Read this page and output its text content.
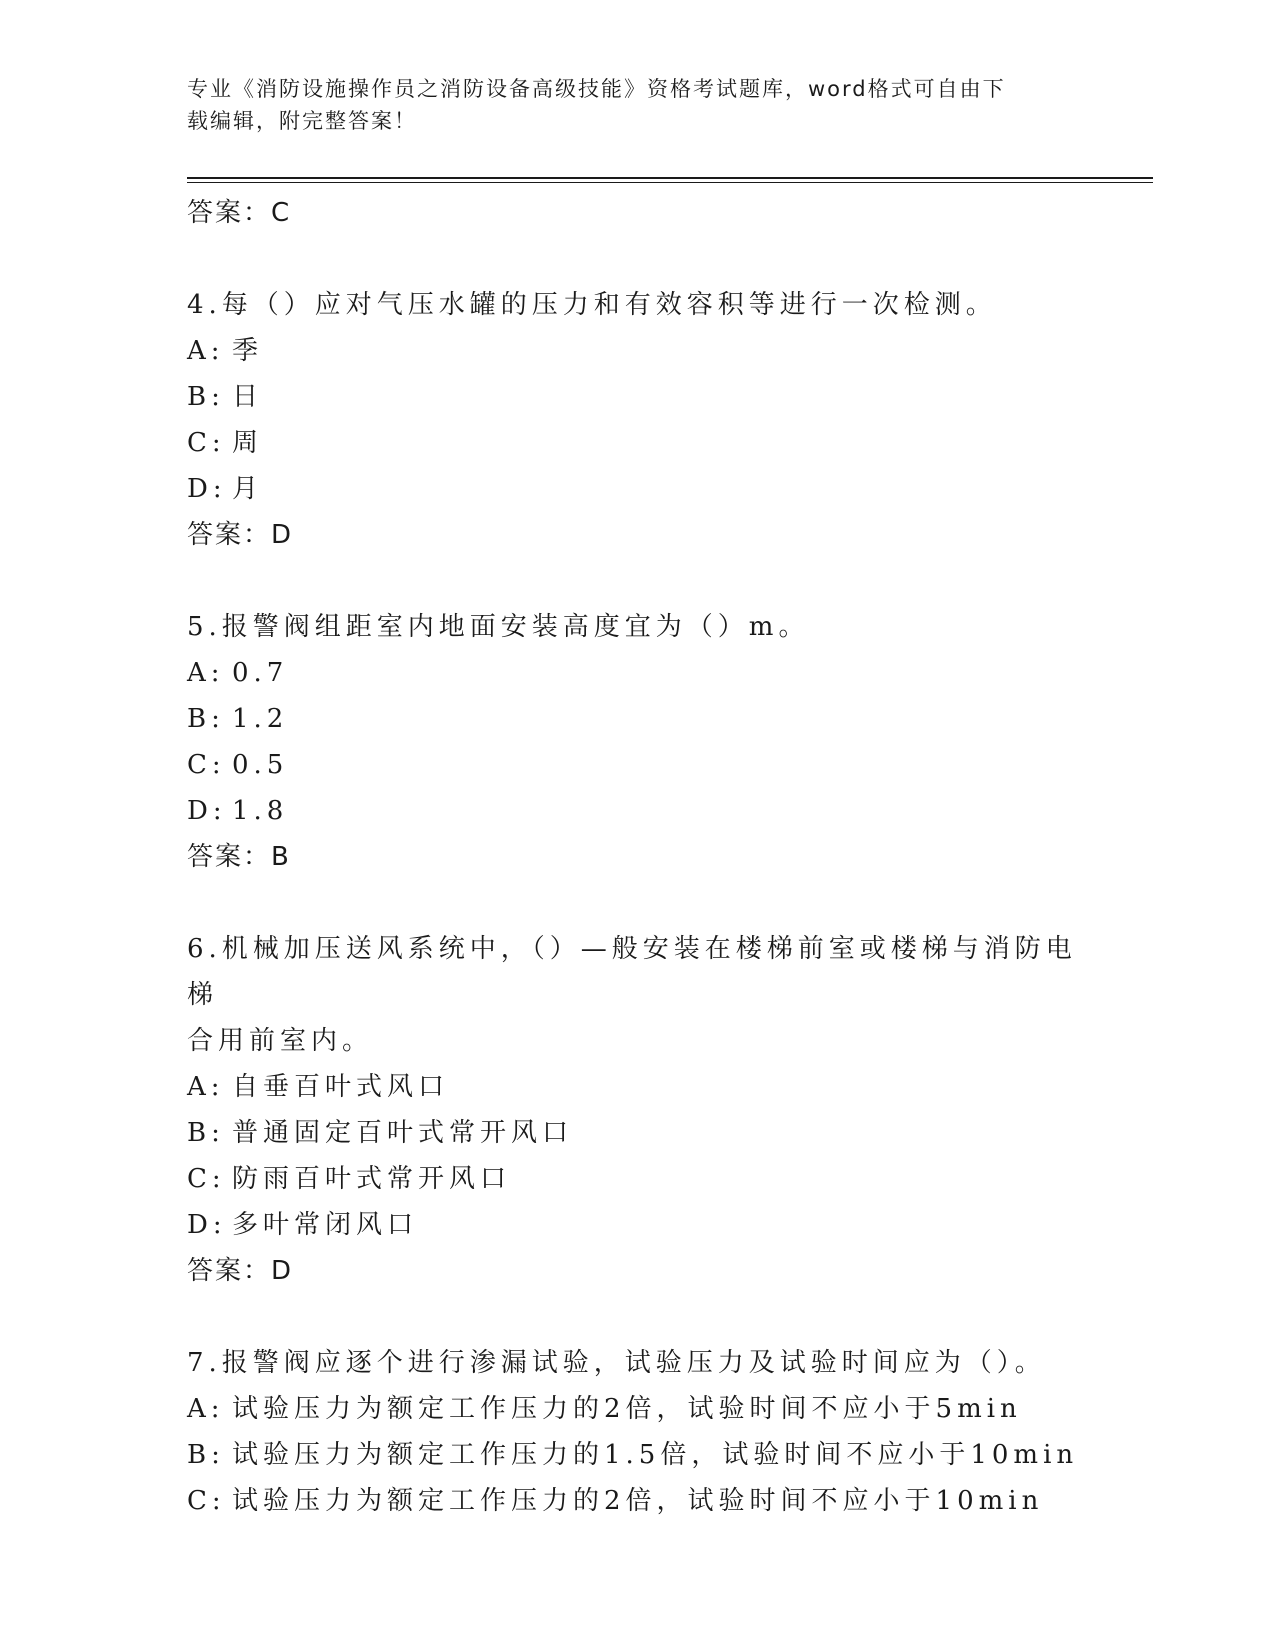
专业《消防设施操作员之消防设备高级技能》资格考试题库，word格式可自由下
载编辑，附完整答案！
答案：C
4.每（）应对气压水罐的压力和有效容积等进行一次检测。
A: 季
B: 日
C: 周
D: 月
答案：D
5.报警阀组距室内地面安装高度宜为（）m。
A: 0.7
B: 1.2
C: 0.5
D: 1.8
答案：B
6.机械加压送风系统中，（）—般安装在楼梯前室或楼梯与消防电梯
合用前室内。
A: 自垂百叶式风口
B: 普通固定百叶式常开风口
C: 防雨百叶式常开风口
D: 多叶常闭风口
答案：D
7.报警阀应逐个进行渗漏试验，试验压力及试验时间应为（）。
A: 试验压力为额定工作压力的2倍，试验时间不应小于5min
B: 试验压力为额定工作压力的1.5倍，试验时间不应小于10min
C: 试验压力为额定工作压力的2倍，试验时间不应小于10min
